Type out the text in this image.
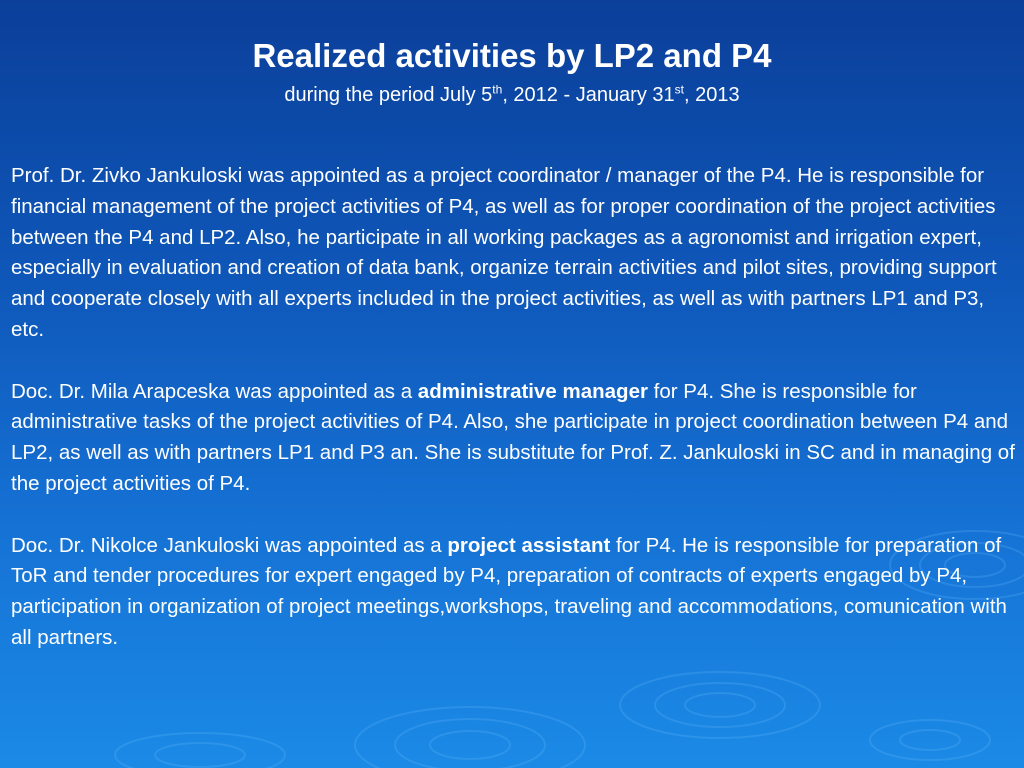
Realized activities by LP2 and P4

during the period July 5th, 2012 - January 31st, 2013

Prof. Dr. Zivko Jankuloski was appointed as a project coordinator / manager of the P4. He is responsible for financial management of the project activities of P4, as well as for proper coordination of the project activities between the P4 and LP2. Also, he participate in all working packages as a agronomist and irrigation expert, especially in evaluation and creation of data bank, organize terrain activities and pilot sites, providing support and cooperate closely with all experts included in the project activities, as well as with partners LP1 and P3, etc.

Doc. Dr. Mila Arapceska was appointed as a administrative manager for P4. She is responsible for administrative tasks of the project activities of P4. Also, she participate in project coordination between P4 and LP2, as well as with partners LP1 and P3 an. She is substitute for Prof. Z. Jankuloski in SC and in managing of the project activities of P4.

Doc. Dr. Nikolce Jankuloski was appointed as a project assistant for P4. He is responsible for preparation of ToR and tender procedures for expert engaged by P4, preparation of contracts of experts engaged by P4, participation in organization of project meetings,workshops, traveling and accommodations, comunication with all partners.
